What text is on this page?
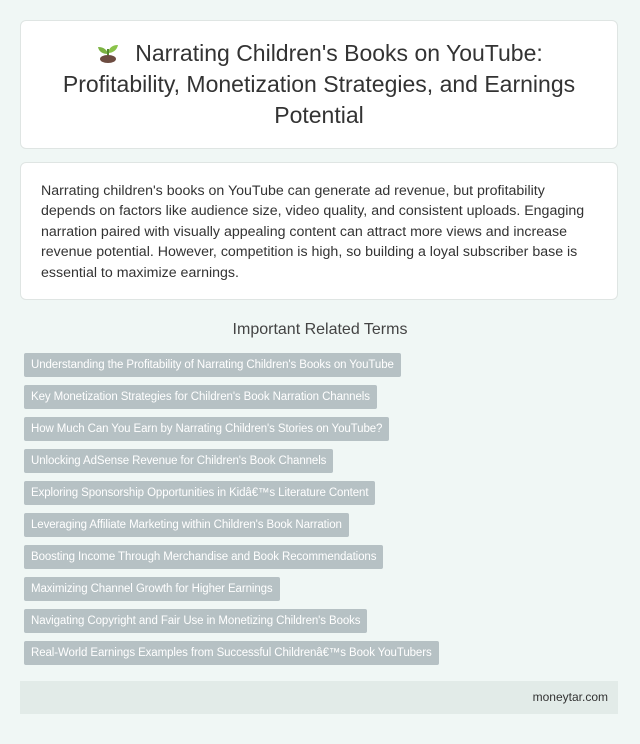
Narrating Children's Books on YouTube: Profitability, Monetization Strategies, and Earnings Potential

Narrating children's books on YouTube can generate ad revenue, but profitability depends on factors like audience size, video quality, and consistent uploads. Engaging narration paired with visually appealing content can attract more views and increase revenue potential. However, competition is high, so building a loyal subscriber base is essential to maximize earnings.

Important Related Terms
Understanding the Profitability of Narrating Children's Books on YouTube
Key Monetization Strategies for Children's Book Narration Channels
How Much Can You Earn by Narrating Children's Stories on YouTube?
Unlocking AdSense Revenue for Children's Book Channels
Exploring Sponsorship Opportunities in Kidâ€™s Literature Content
Leveraging Affiliate Marketing within Children's Book Narration
Boosting Income Through Merchandise and Book Recommendations
Maximizing Channel Growth for Higher Earnings
Navigating Copyright and Fair Use in Monetizing Children's Books
Real-World Earnings Examples from Successful Childrenâ€™s Book YouTubers
moneytar.com
